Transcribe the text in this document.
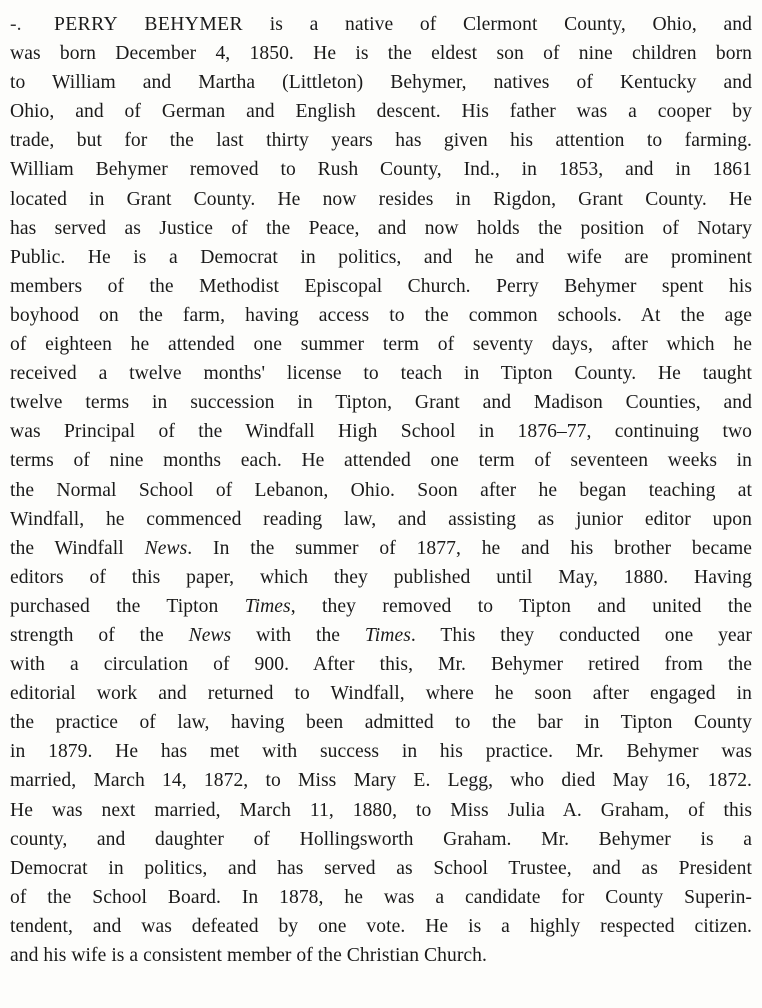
-. PERRY BEHYMER is a native of Clermont County, Ohio, and
was born December 4, 1850. He is the eldest son of nine children born
to William and Martha (Littleton) Behymer, natives of Kentucky and
Ohio, and of German and English descent. His father was a cooper by
trade, but for the last thirty years has given his attention to farming.
William Behymer removed to Rush County, Ind., in 1853, and in 1861
located in Grant County. He now resides in Rigdon, Grant County. He
has served as Justice of the Peace, and now holds the position of Notary
Public. He is a Democrat in politics, and he and wife are prominent
members of the Methodist Episcopal Church. Perry Behymer spent his
boyhood on the farm, having access to the common schools. At the age
of eighteen he attended one summer term of seventy days, after which he
received a twelve months' license to teach in Tipton County. He taught
twelve terms in succession in Tipton, Grant and Madison Counties, and
was Principal of the Windfall High School in 1876–77, continuing two
terms of nine months each. He attended one term of seventeen weeks in
the Normal School of Lebanon, Ohio. Soon after he began teaching at
Windfall, he commenced reading law, and assisting as junior editor upon
the Windfall News. In the summer of 1877, he and his brother became
editors of this paper, which they published until May, 1880. Having
purchased the Tipton Times, they removed to Tipton and united the
strength of the News with the Times. This they conducted one year
with a circulation of 900. After this, Mr. Behymer retired from the
editorial work and returned to Windfall, where he soon after engaged in
the practice of law, having been admitted to the bar in Tipton County
in 1879. He has met with success in his practice. Mr. Behymer was
married, March 14, 1872, to Miss Mary E. Legg, who died May 16, 1872.
He was next married, March 11, 1880, to Miss Julia A. Graham, of this
county, and daughter of Hollingsworth Graham. Mr. Behymer is a
Democrat in politics, and has served as School Trustee, and as President
of the School Board. In 1878, he was a candidate for County Superin-
tendent, and was defeated by one vote. He is a highly respected citizen.
and his wife is a consistent member of the Christian Church.
